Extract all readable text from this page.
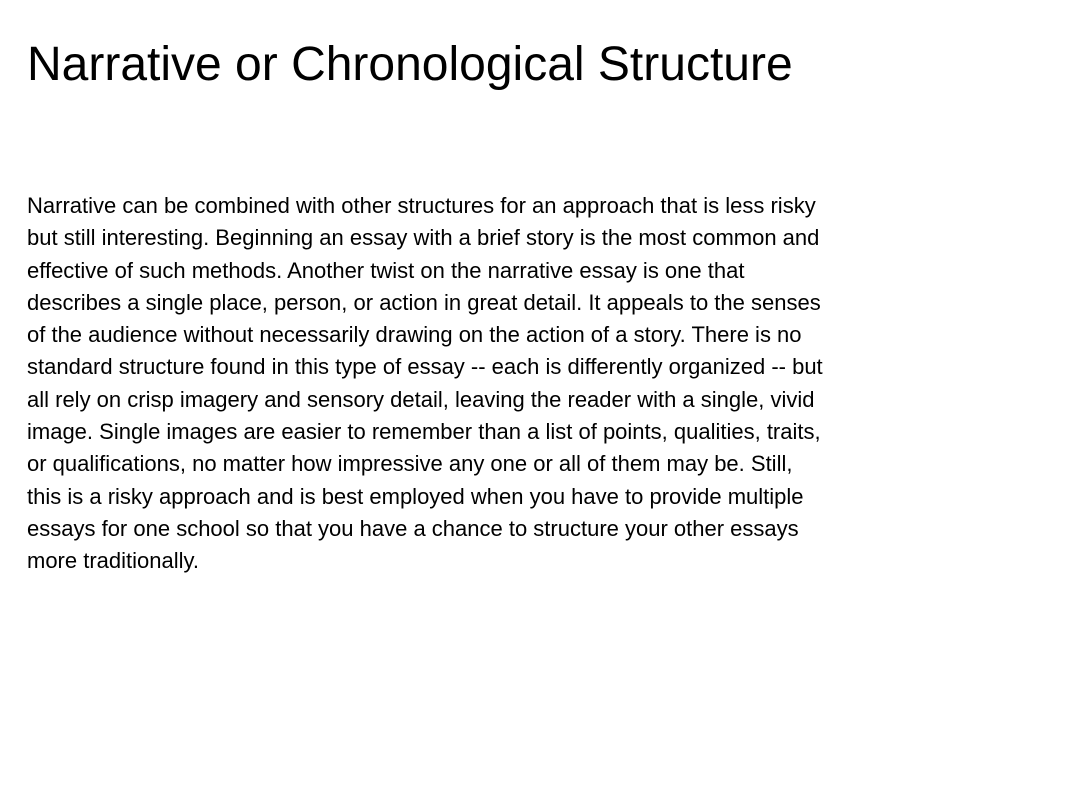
Narrative or Chronological Structure

Narrative can be combined with other structures for an approach that is less risky
but still interesting. Beginning an essay with a brief story is the most common and
effective of such methods. Another twist on the narrative essay is one that
describes a single place, person, or action in great detail. It appeals to the senses
of the audience without necessarily drawing on the action of a story. There is no
standard structure found in this type of essay -- each is differently organized -- but
all rely on crisp imagery and sensory detail, leaving the reader with a single, vivid
image. Single images are easier to remember than a list of points, qualities, traits,
or qualifications, no matter how impressive any one or all of them may be. Still,
this is a risky approach and is best employed when you have to provide multiple
essays for one school so that you have a chance to structure your other essays
more traditionally.
